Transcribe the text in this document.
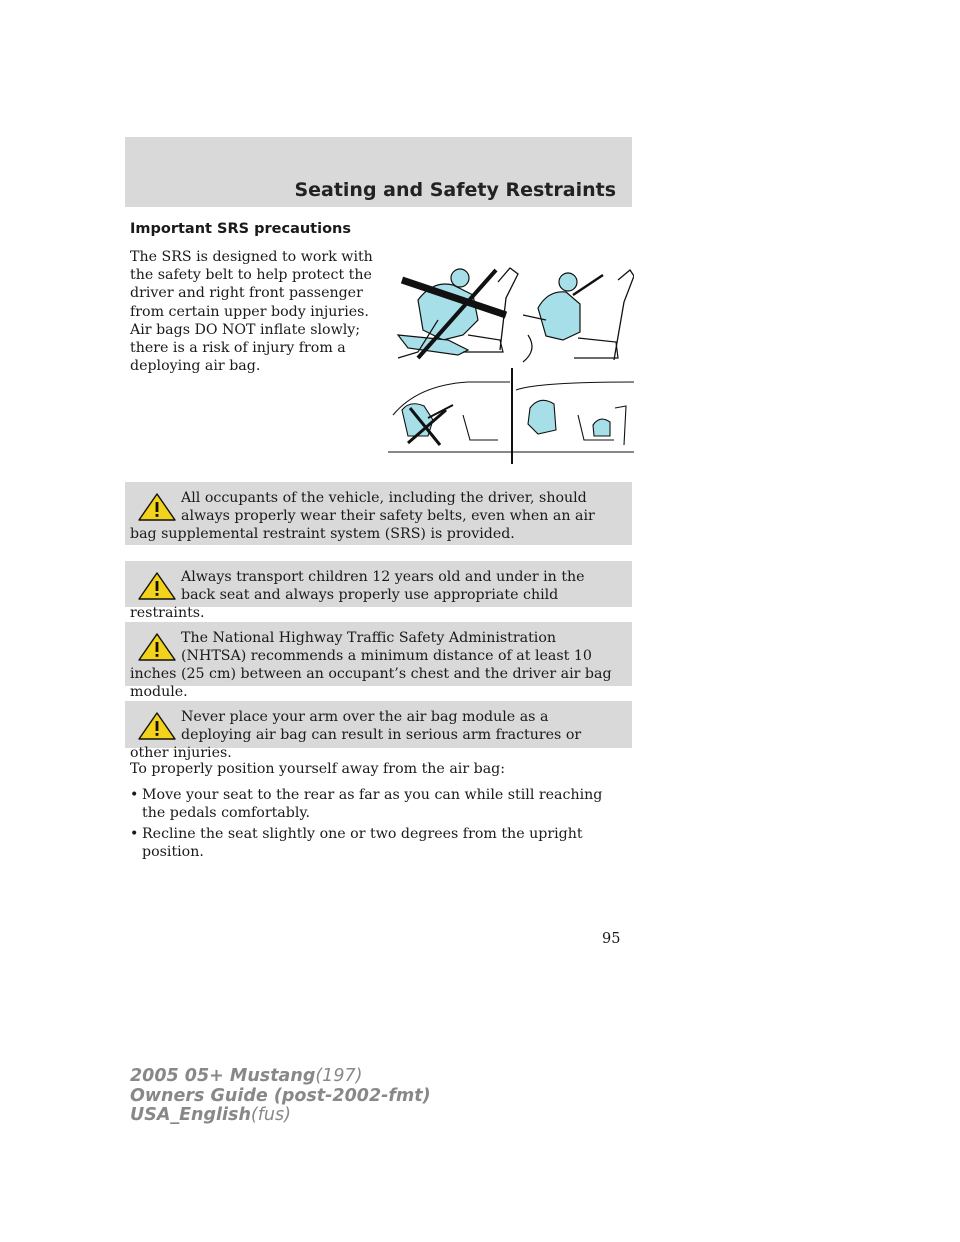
Seating and Safety Restraints
Important SRS precautions

The SRS is designed to work with the safety belt to help protect the driver and right front passenger from certain upper body injuries. Air bags DO NOT inflate slowly; there is a risk of injury from a deploying air bag.

All occupants of the vehicle, including the driver, should always properly wear their safety belts, even when an air bag supplemental restraint system (SRS) is provided.

Always transport children 12 years old and under in the back seat and always properly use appropriate child restraints.

The National Highway Traffic Safety Administration (NHTSA) recommends a minimum distance of at least 10 inches (25 cm) between an occupant’s chest and the driver air bag module.

Never place your arm over the air bag module as a deploying air bag can result in serious arm fractures or other injuries.

To properly position yourself away from the air bag:
• Move your seat to the rear as far as you can while still reaching the pedals comfortably.
• Recline the seat slightly one or two degrees from the upright position.
95
2005 05+ Mustang(197)
Owners Guide (post-2002-fmt)
USA_English(fus)
